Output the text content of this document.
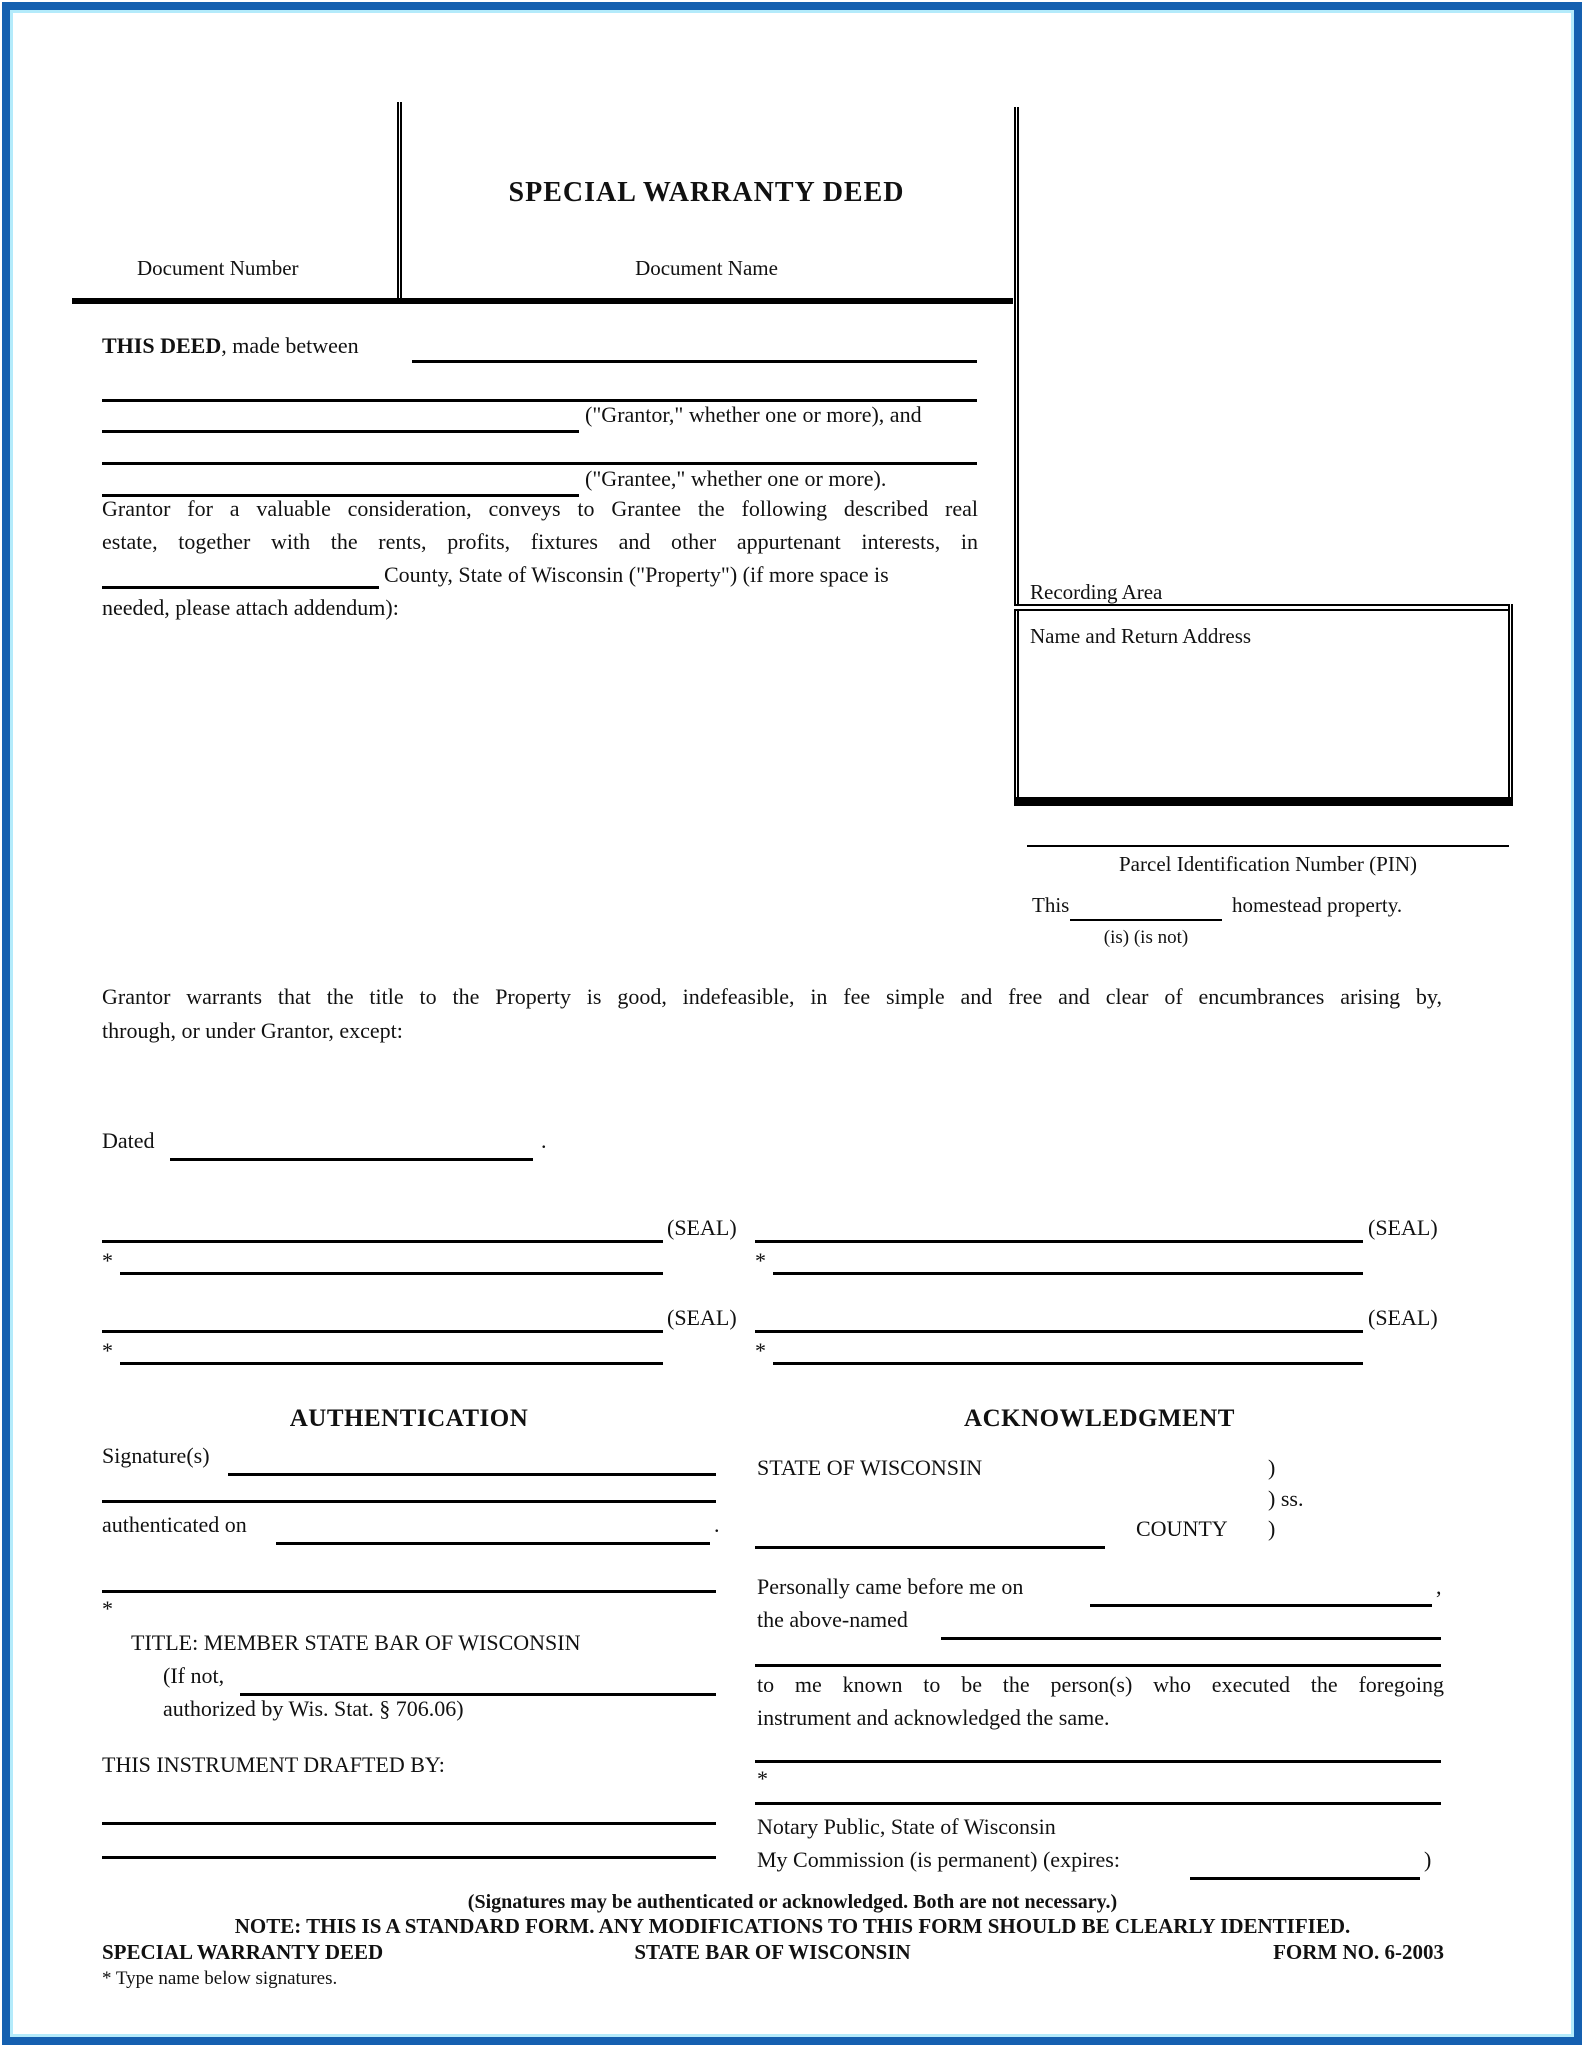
SPECIAL WARRANTY DEED
Document Number	Document Name
THIS DEED, made between
("Grantor," whether one or more), and
("Grantee," whether one or more).
Grantor for a valuable consideration, conveys to Grantee the following described real
estate, together with the rents, profits, fixtures and other appurtenant interests, in
County, State of Wisconsin ("Property") (if more space is
needed, please attach addendum):
Recording Area
Name and Return Address
Parcel Identification Number (PIN)
This	homestead property.
(is) (is not)
Grantor warrants that the title to the Property is good, indefeasible, in fee simple and free and clear of encumbrances arising by,
through, or under Grantor, except:
Dated	.
(SEAL)	(SEAL)
*	*
(SEAL)	(SEAL)
*	*
AUTHENTICATION
Signature(s)
authenticated on	.
*
TITLE: MEMBER STATE BAR OF WISCONSIN
(If not,
authorized by Wis. Stat. § 706.06)
THIS INSTRUMENT DRAFTED BY:
ACKNOWLEDGMENT
STATE OF WISCONSIN	)
) ss.
COUNTY )
Personally came before me on	,
the above-named
to me known to be the person(s) who executed the foregoing
instrument and acknowledged the same.
*
Notary Public, State of Wisconsin
My Commission (is permanent) (expires:	)
(Signatures may be authenticated or acknowledged. Both are not necessary.)
NOTE: THIS IS A STANDARD FORM. ANY MODIFICATIONS TO THIS FORM SHOULD BE CLEARLY IDENTIFIED.
SPECIAL WARRANTY DEED	STATE BAR OF WISCONSIN	FORM NO. 6-2003
* Type name below signatures.
